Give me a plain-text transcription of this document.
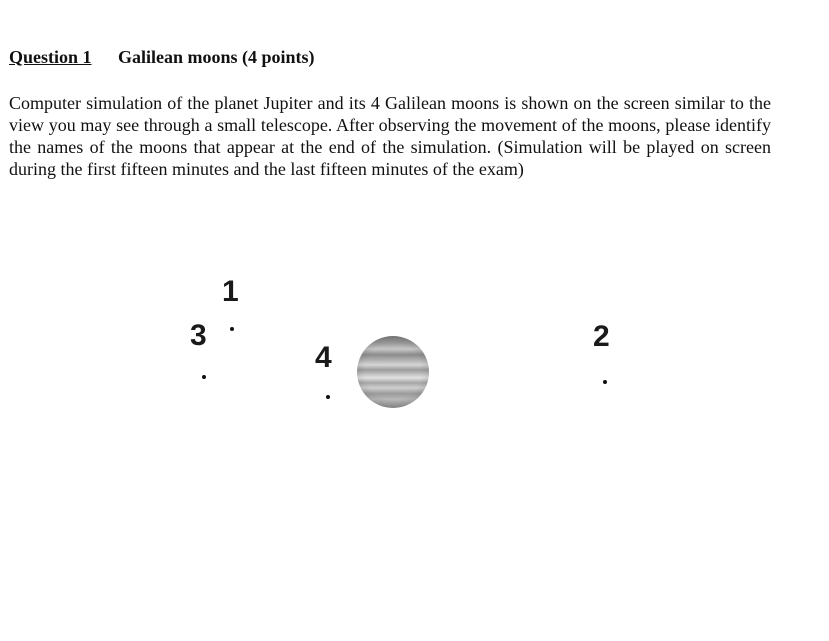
Question 1 Galilean moons (4 points)
Computer simulation of the planet Jupiter and its 4 Galilean moons is shown on the screen similar to the view you may see through a small telescope. After observing the movement of the moons, please identify the names of the moons that appear at the end of the simulation. (Simulation will be played on screen during the first fifteen minutes and the last fifteen minutes of the exam)
1
3
4
2
